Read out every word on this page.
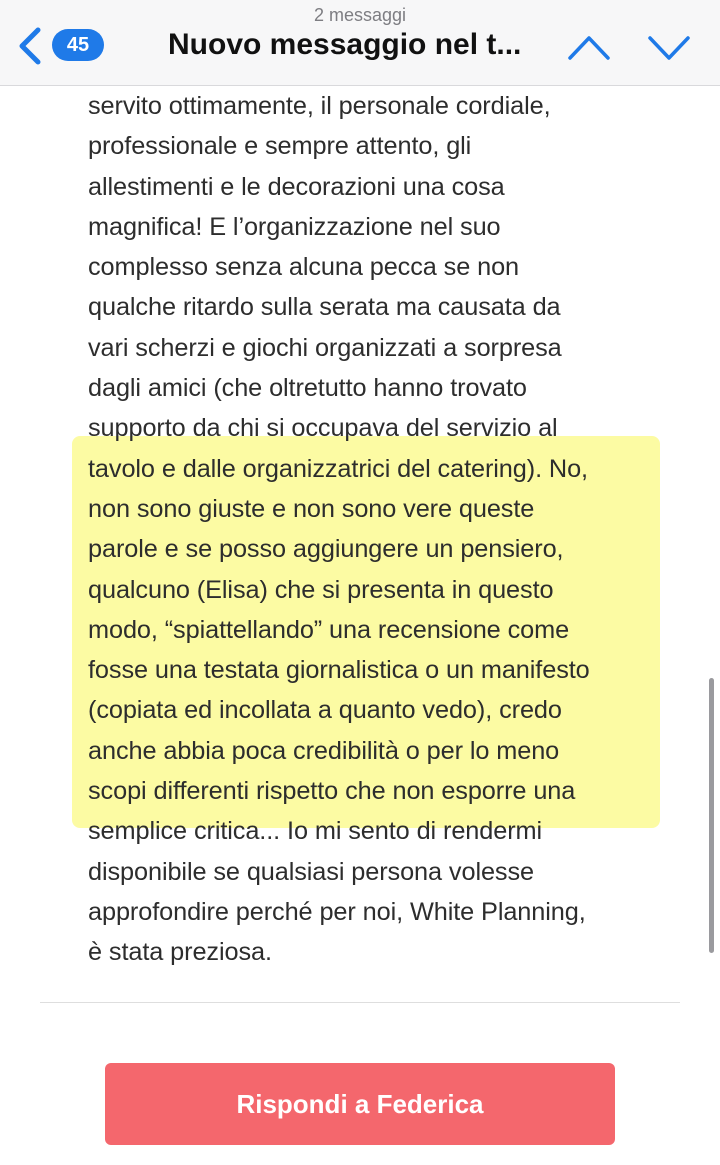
45
2 messaggi
Nuovo messaggio nel t...
servito ottimamente, il personale cordiale,
professionale e sempre attento, gli
allestimenti e le decorazioni una cosa
magnifica! E l’organizzazione nel suo
complesso senza alcuna pecca se non
qualche ritardo sulla serata ma causata da
vari scherzi e giochi organizzati a sorpresa
dagli amici (che oltretutto hanno trovato
supporto da chi si occupava del servizio al
tavolo e dalle organizzatrici del catering). No,
non sono giuste e non sono vere queste
parole e se posso aggiungere un pensiero,
qualcuno (Elisa) che si presenta in questo
modo, “spiattellando” una recensione come
fosse una testata giornalistica o un manifesto
(copiata ed incollata a quanto vedo), credo
anche abbia poca credibilità o per lo meno
scopi differenti rispetto che non esporre una
semplice critica... Io mi sento di rendermi
disponibile se qualsiasi persona volesse
approfondire perché per noi, White Planning,
è stata preziosa.
Rispondi a Federica
